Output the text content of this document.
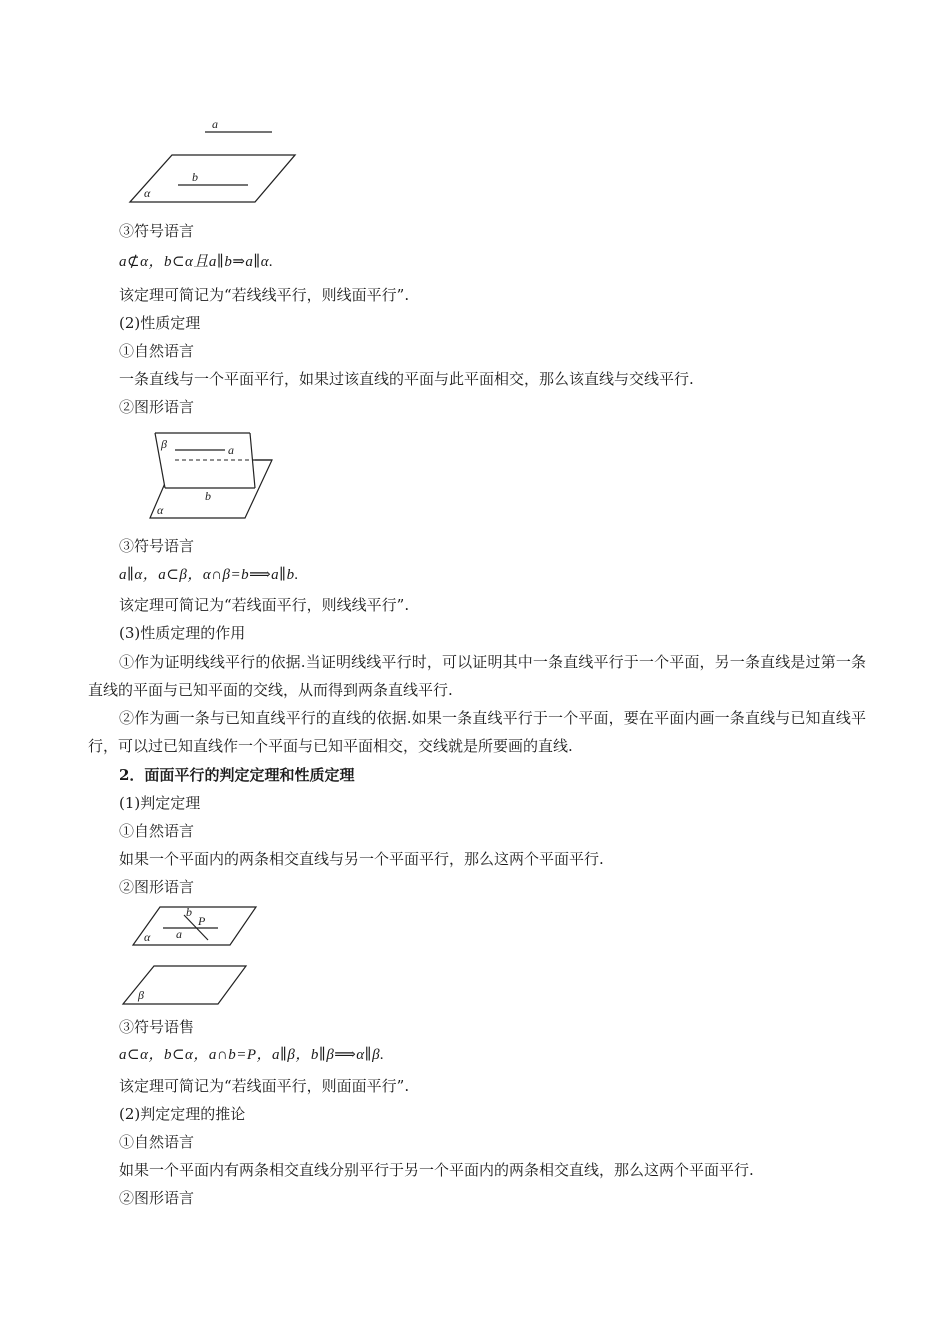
a
b
α
③符号语言
a⊄α，b⊂α且a∥b⇒a∥α.
该定理可简记为“若线线平行，则线面平行”.
(2)性质定理
①自然语言
一条直线与一个平面平行，如果过该直线的平面与此平面相交，那么该直线与交线平行.
②图形语言
β	a
b
α
③符号语言
a∥α，a⊂β，α∩β=b⟹a∥b.
该定理可简记为“若线面平行，则线线平行”.
(3)性质定理的作用
①作为证明线线平行的依据.当证明线线平行时，可以证明其中一条直线平行于一个平面，另一条直线是过第一条直线的平面与已知平面的交线，从而得到两条直线平行.
②作为画一条与已知直线平行的直线的依据.如果一条直线平行于一个平面，要在平面内画一条直线与已知直线平行，可以过已知直线作一个平面与已知平面相交，交线就是所要画的直线.
2．面面平行的判定定理和性质定理
(1)判定定理
①自然语言
如果一个平面内的两条相交直线与另一个平面平行，那么这两个平面平行.
②图形语言
b
P
a
α
β
③符号语售
a⊂α，b⊂α，a∩b=P，a∥β，b∥β⟹α∥β.
该定理可简记为“若线面平行，则面面平行”.
(2)判定定理的推论
①自然语言
如果一个平面内有两条相交直线分别平行于另一个平面内的两条相交直线，那么这两个平面平行.
②图形语言
